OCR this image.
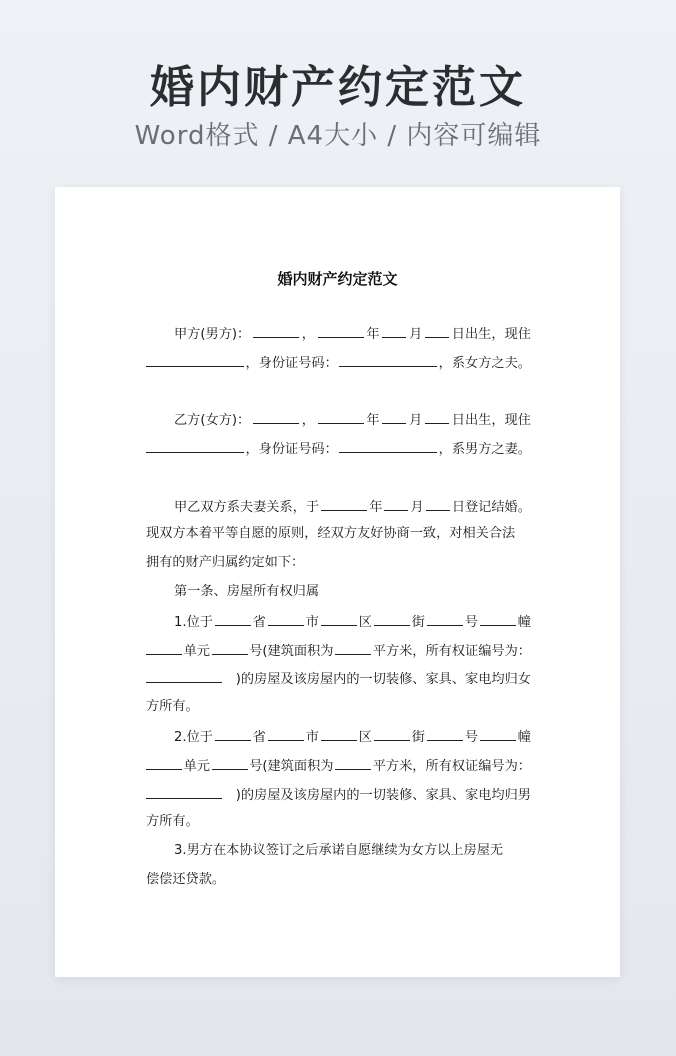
婚内财产约定范文
Word格式 / A4大小 / 内容可编辑
婚内财产约定范文
甲方(男方)：	，	年 月 日出生，现住
，身份证号码：	，系女方之夫。
乙方(女方)：	，	年 月 日出生，现住
，身份证号码：	，系男方之妻。
甲乙双方系夫妻关系，于	年 月 日登记结婚。
现双方本着平等自愿的原则，经双方友好协商一致，对相关合法
拥有的财产归属约定如下：
第一条、房屋所有权归属
1.位于	省	市	区	街	号	幢
单元	号(建筑面积为	平方米，所有权证编号为：
)的房屋及该房屋内的一切装修、家具、家电均归女
方所有。
2.位于	省	市	区	街	号	幢
单元	号(建筑面积为	平方米，所有权证编号为：
)的房屋及该房屋内的一切装修、家具、家电均归男
方所有。
3.男方在本协议签订之后承诺自愿继续为女方以上房屋无
偿偿还贷款。
